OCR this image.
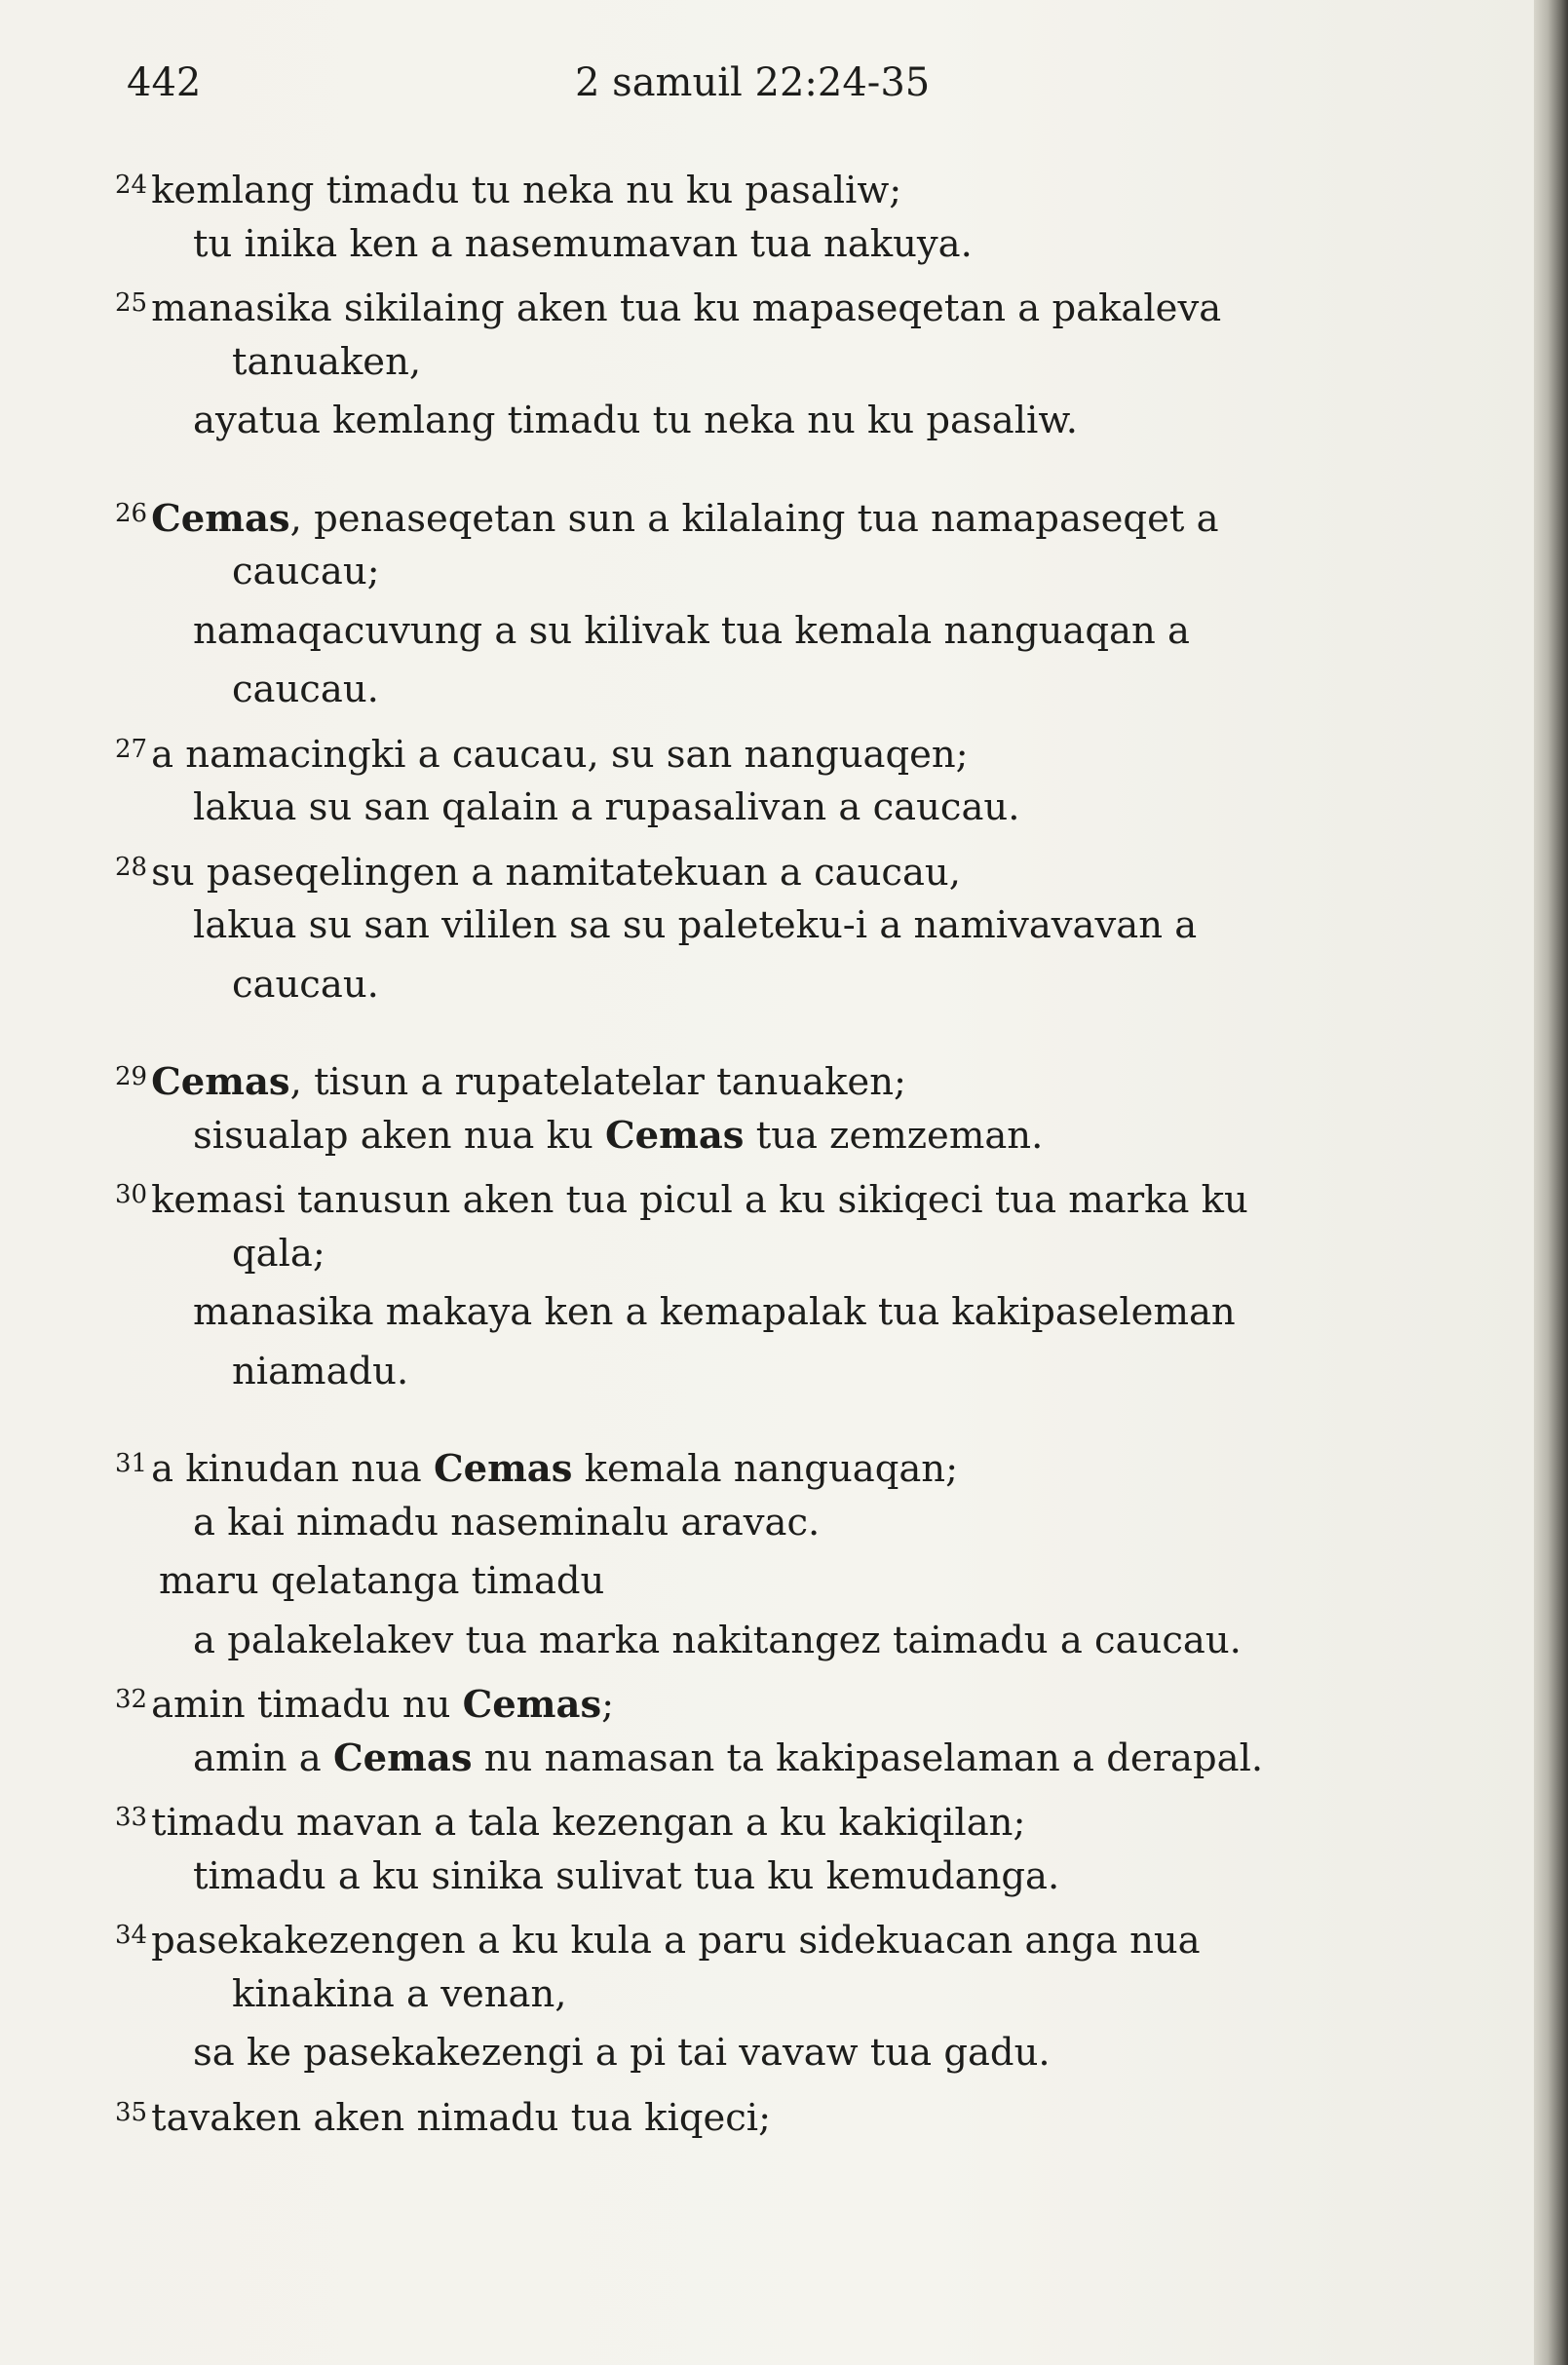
442	2 samuil 22:24-35
$^{24}$ kemlang timadu tu neka nu ku pasaliw;
tu inika ken a nasemumavan tua nakuya.
$^{25}$ manasika sikilaing aken tua ku mapaseqetan a pakaleva
tanuaken,
ayatua kemlang timadu tu neka nu ku pasaliw.
$^{26}$ Cemas, penaseqetan sun a kilalaing tua namapaseqet a
caucau;
namaqacuvung a su kilivak tua kemala nanguaqan a
caucau.
$^{27}$ a namacingki a caucau, su san nanguaqen;
lakua su san qalain a rupasalivan a caucau.
$^{28}$ su paseqelingen a namitatekuan a caucau,
lakua su san vililen sa su paleteku-i a namivavavan a
caucau.
$^{29}$ Cemas, tisun a rupatelatelar tanuaken;
sisualap aken nua ku Cemas tua zemzeman.
$^{30}$ kemasi tanusun aken tua picul a ku sikiqeci tua marka ku
qala;
manasika makaya ken a kemapalak tua kakipaseleman
niamadu.
$^{31}$ a kinudan nua Cemas kemala nanguaqan;
a kai nimadu naseminalu aravac.
maru qelatanga timadu
a palakelakev tua marka nakitangez taimadu a caucau.
$^{32}$ amin timadu nu Cemas;
amin a Cemas nu namasan ta kakipaselaman a derapal.
$^{33}$ timadu mavan a tala kezengan a ku kakiqilan;
timadu a ku sinika sulivat tua ku kemudanga.
$^{34}$ pasekakezengen a ku kula a paru sidekuacan anga nua
kinakina a venan,
sa ke pasekakezengi a pi tai vavaw tua gadu.
$^{35}$ tavaken aken nimadu tua kiqeci;
